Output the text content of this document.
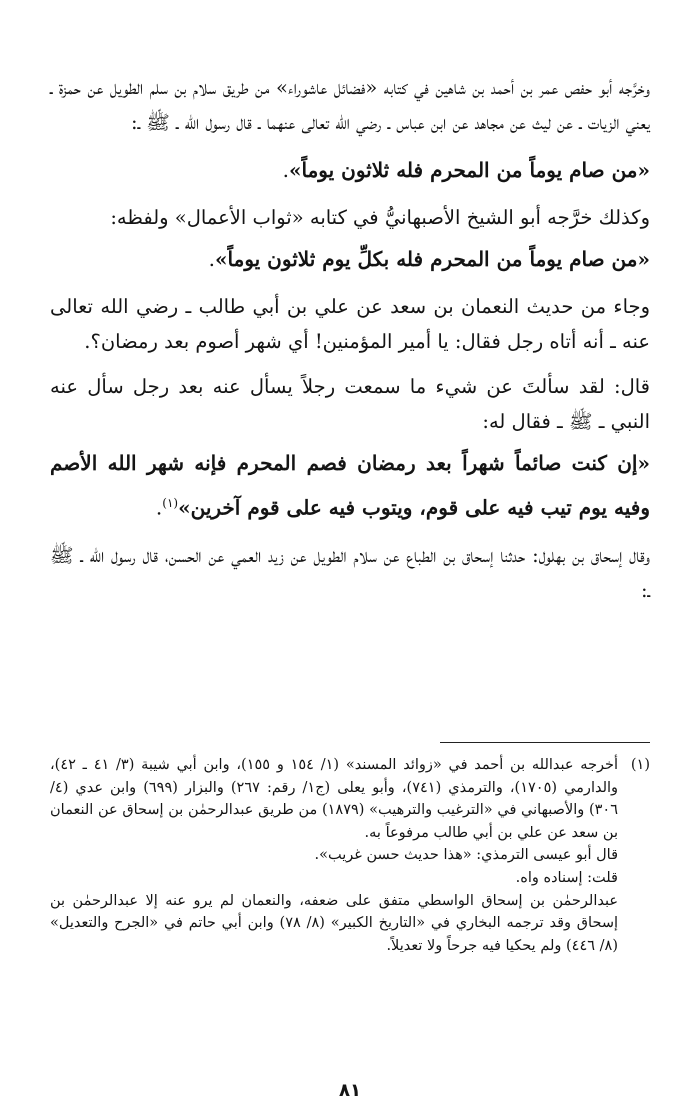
وخرَّجه أبو حفص عمر بن أحمد بن شاهين في كتابه «فضائل عاشوراء» من طريق سلام بن سلم الطويل عن حمزة ـ يعني الزيات ـ عن ليث عن مجاهد عن ابن عباس ـ رضي الله تعالى عنهما ـ قال رسول الله ـ ﷺ ـ:

«من صام يوماً من المحرم فله ثلاثون يوماً».

وكذلك خرَّجه أبو الشيخ الأصبهانيُّ في كتابه «ثواب الأعمال» ولفظه:

«من صام يوماً من المحرم فله بكلِّ يوم ثلاثون يوماً».

وجاء من حديث النعمان بن سعد عن علي بن أبي طالب ـ رضي الله تعالى عنه ـ أنه أتاه رجل فقال: يا أمير المؤمنين! أي شهر أصوم بعد رمضان؟.

قال: لقد سألتَ عن شيء ما سمعت رجلاً يسأل عنه بعد رجل سأل عنه النبي ـ ﷺ ـ فقال له:

«إن كنت صائماً شهراً بعد رمضان فصم المحرم فإنه شهر الله الأصم وفيه يوم تيب فيه على قوم، ويتوب فيه على قوم آخرين»$^{(١)}$.

وقال إسحاق بن بهلول: حدثنا إسحاق بن الطباع عن سلام الطويل عن زيد العمي عن الحسن، قال رسول الله ـ ﷺ ـ:

(١)

أخرجه عبدالله بن أحمد في «زوائد المسند» (١/ ١٥٤ و ١٥٥)، وابن أبي شيبة (٣/ ٤١ ـ ٤٢)، والدارمي (١٧٠٥)، والترمذي (٧٤١)، وأبو يعلى (ج١/ رقم: ٢٦٧) والبزار (٦٩٩) وابن عدي (٤/ ٣٠٦) والأصبهاني في «الترغيب والترهيب» (١٨٧٩) من طريق عبدالرحمٰن بن إسحاق عن النعمان بن سعد عن علي بن أبي طالب مرفوعاً به.

قال أبو عيسى الترمذي: «هذا حديث حسن غريب».

قلت: إسناده واه.

عبدالرحمٰن بن إسحاق الواسطي متفق على ضعفه، والنعمان لم يرو عنه إلا عبدالرحمٰن بن إسحاق وقد ترجمه البخاري في «التاريخ الكبير» (٨/ ٧٨) وابن أبي حاتم في «الجرح والتعديل» (٨/ ٤٤٦) ولم يحكيا فيه جرحاً ولا تعديلاً.

٨١
